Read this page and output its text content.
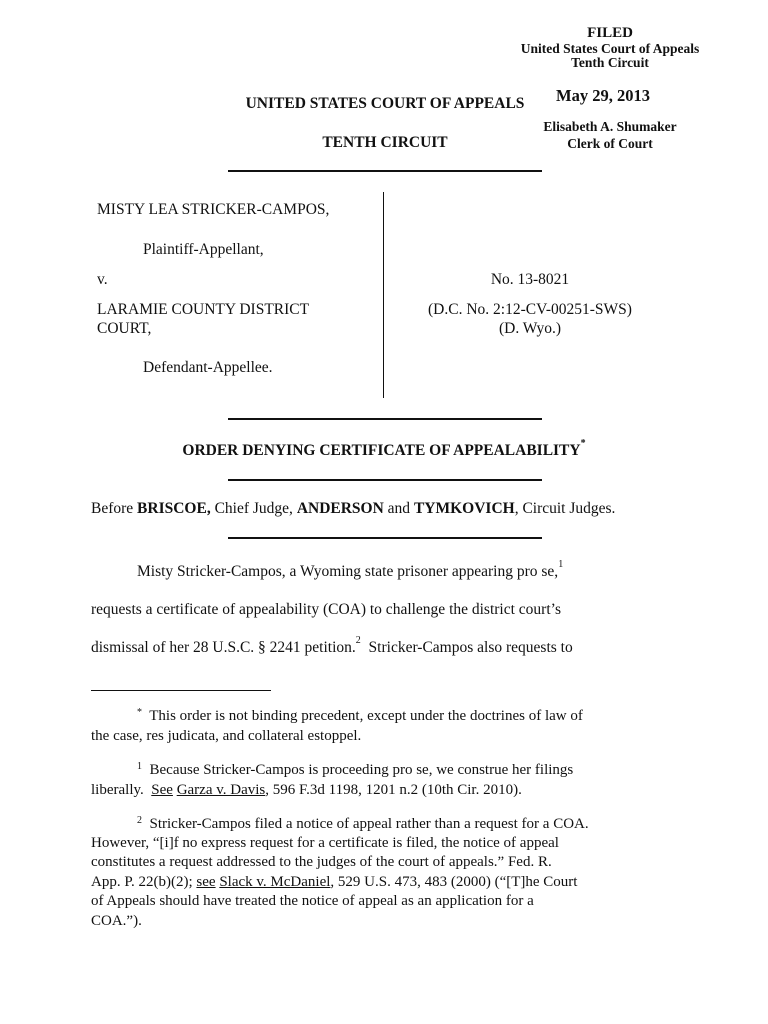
FILED
United States Court of Appeals
Tenth Circuit
May 29, 2013
Elisabeth A. Shumaker
Clerk of Court
UNITED STATES COURT OF APPEALS
TENTH CIRCUIT
MISTY LEA STRICKER-CAMPOS,
Plaintiff-Appellant,
v.
LARAMIE COUNTY DISTRICT
COURT,
Defendant-Appellee.
No. 13-8021
(D.C. No. 2:12-CV-00251-SWS)
(D. Wyo.)
ORDER DENYING CERTIFICATE OF APPEALABILITY*
Before BRISCOE, Chief Judge, ANDERSON and TYMKOVICH, Circuit Judges.
Misty Stricker-Campos, a Wyoming state prisoner appearing pro se,$^1$
requests a certificate of appealability (COA) to challenge the district court’s
dismissal of her 28 U.S.C. § 2241 petition.$^2$  Stricker-Campos also requests to
* This order is not binding precedent, except under the doctrines of law of
the case, res judicata, and collateral estoppel.
$^1$ Because Stricker-Campos is proceeding pro se, we construe her filings
liberally.  See Garza v. Davis, 596 F.3d 1198, 1201 n.2 (10th Cir. 2010).
$^2$ Stricker-Campos filed a notice of appeal rather than a request for a COA.
However, “[i]f no express request for a certificate is filed, the notice of appeal
constitutes a request addressed to the judges of the court of appeals.” Fed. R.
App. P. 22(b)(2); see Slack v. McDaniel, 529 U.S. 473, 483 (2000) (“[T]he Court
of Appeals should have treated the notice of appeal as an application for a
COA.”).
